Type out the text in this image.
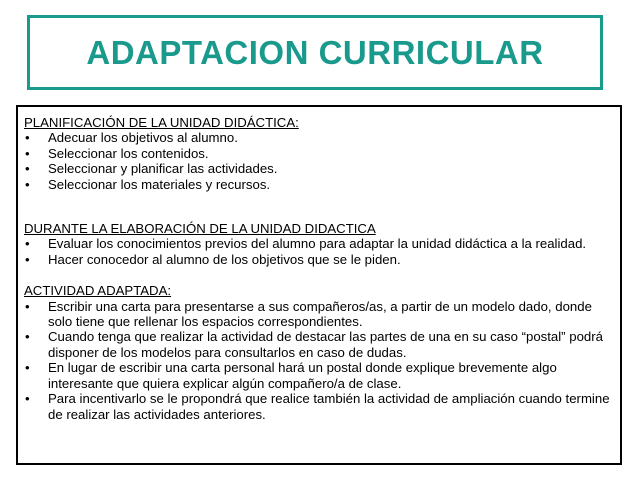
ADAPTACION CURRICULAR

PLANIFICACIÓN DE LA UNIDAD DIDÁCTICA:

• Adecuar los objetivos al alumno.
• Seleccionar los contenidos.
• Seleccionar y planificar las actividades.
• Seleccionar los materiales y recursos.

DURANTE LA ELABORACIÓN DE LA UNIDAD DIDACTICA

• Evaluar los conocimientos previos del alumno para adaptar la unidad didáctica a la realidad.
• Hacer conocedor al alumno de los objetivos que se le piden.

ACTIVIDAD ADAPTADA:

• Escribir una carta para presentarse a sus compañeros/as, a partir de un modelo dado, donde solo tiene que rellenar los espacios correspondientes.
• Cuando tenga que realizar la actividad de destacar las partes de una en su caso “postal” podrá disponer de los modelos para consultarlos en caso de dudas.
• En lugar de escribir una carta personal hará un postal donde explique brevemente algo interesante que quiera explicar algún compañero/a de clase.
• Para incentivarlo se le propondrá que realice también la actividad de ampliación cuando termine de realizar las actividades anteriores.
